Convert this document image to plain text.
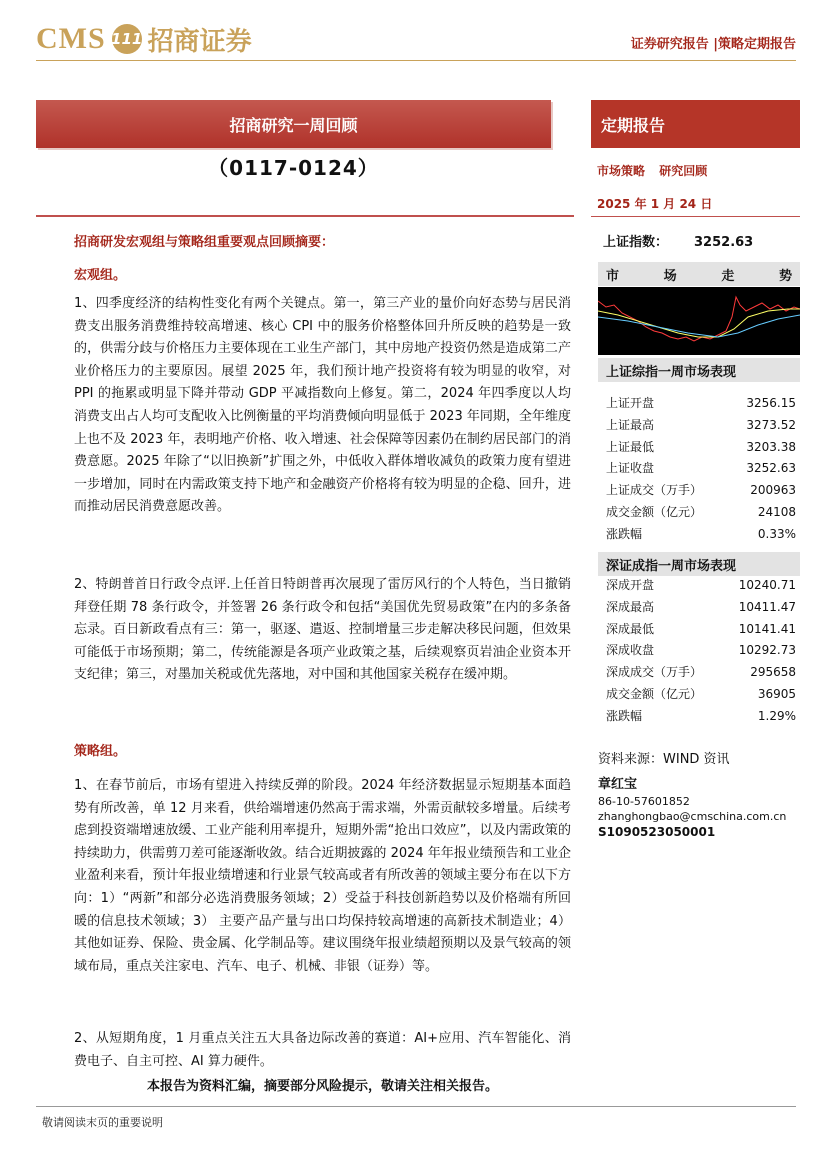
CMS 111 招商证券	证券研究报告 |策略定期报告
招商研究一周回顾
（0117-0124）
定期报告
市场策略 研究回顾
2025 年 1 月 24 日
上证指数： 3252.63
市	场	走	势
上证综指一周市场表现
上证开盘	3256.15
上证最高	3273.52
上证最低	3203.38
上证收盘	3252.63
上证成交（万手）	200963
成交金额（亿元）	24108
涨跌幅	0.33%
深证成指一周市场表现
深成开盘	10240.71
深成最高	10411.47
深成最低	10141.41
深成收盘	10292.73
深成成交（万手）	295658
成交金额（亿元）	36905
涨跌幅	1.29%
资料来源：WIND 资讯
章红宝
86-10-57601852
zhanghongbao@cmschina.com.cn
S1090523050001
招商研发宏观组与策略组重要观点回顾摘要：
宏观组。
1、四季度经济的结构性变化有两个关键点。第一，第三产业的量价向好态势与居民消费支出服务消费维持较高增速、核心 CPI 中的服务价格整体回升所反映的趋势是一致的，供需分歧与价格压力主要体现在工业生产部门，其中房地产投资仍然是造成第二产业价格压力的主要原因。展望 2025 年，我们预计地产投资将有较为明显的收窄，对 PPI 的拖累或明显下降并带动 GDP 平减指数向上修复。第二，2024 年四季度以人均消费支出占人均可支配收入比例衡量的平均消费倾向明显低于 2023 年同期，全年维度上也不及 2023 年，表明地产价格、收入增速、社会保障等因素仍在制约居民部门的消费意愿。2025 年除了“以旧换新”扩围之外，中低收入群体增收减负的政策力度有望进一步增加，同时在内需政策支持下地产和金融资产价格将有较为明显的企稳、回升，进而推动居民消费意愿改善。
2、特朗普首日行政令点评.上任首日特朗普再次展现了雷厉风行的个人特色，当日撤销拜登任期 78 条行政令，并签署 26 条行政令和包括“美国优先贸易政策”在内的多条备忘录。百日新政看点有三：第一，驱逐、遣返、控制增量三步走解决移民问题，但效果可能低于市场预期；第二，传统能源是各项产业政策之基，后续观察页岩油企业资本开支纪律；第三，对墨加关税或优先落地，对中国和其他国家关税存在缓冲期。
策略组。
1、在春节前后，市场有望进入持续反弹的阶段。2024 年经济数据显示短期基本面趋势有所改善，单 12 月来看，供给端增速仍然高于需求端，外需贡献较多增量。后续考虑到投资端增速放缓、工业产能利用率提升，短期外需“抢出口效应”，以及内需政策的持续助力，供需剪刀差可能逐渐收敛。结合近期披露的 2024 年年报业绩预告和工业企业盈利来看，预计年报业绩增速和行业景气较高或者有所改善的领域主要分布在以下方向：1）“两新”和部分必选消费服务领域；2）受益于科技创新趋势以及价格端有所回暖的信息技术领域；3） 主要产品产量与出口均保持较高增速的高新技术制造业；4）其他如证券、保险、贵金属、化学制品等。建议围绕年报业绩超预期以及景气较高的领域布局，重点关注家电、汽车、电子、机械、非银（证券）等。
2、从短期角度，1 月重点关注五大具备边际改善的赛道：AI+应用、汽车智能化、消费电子、自主可控、AI 算力硬件。
本报告为资料汇编，摘要部分风险提示，敬请关注相关报告。
敬请阅读末页的重要说明
